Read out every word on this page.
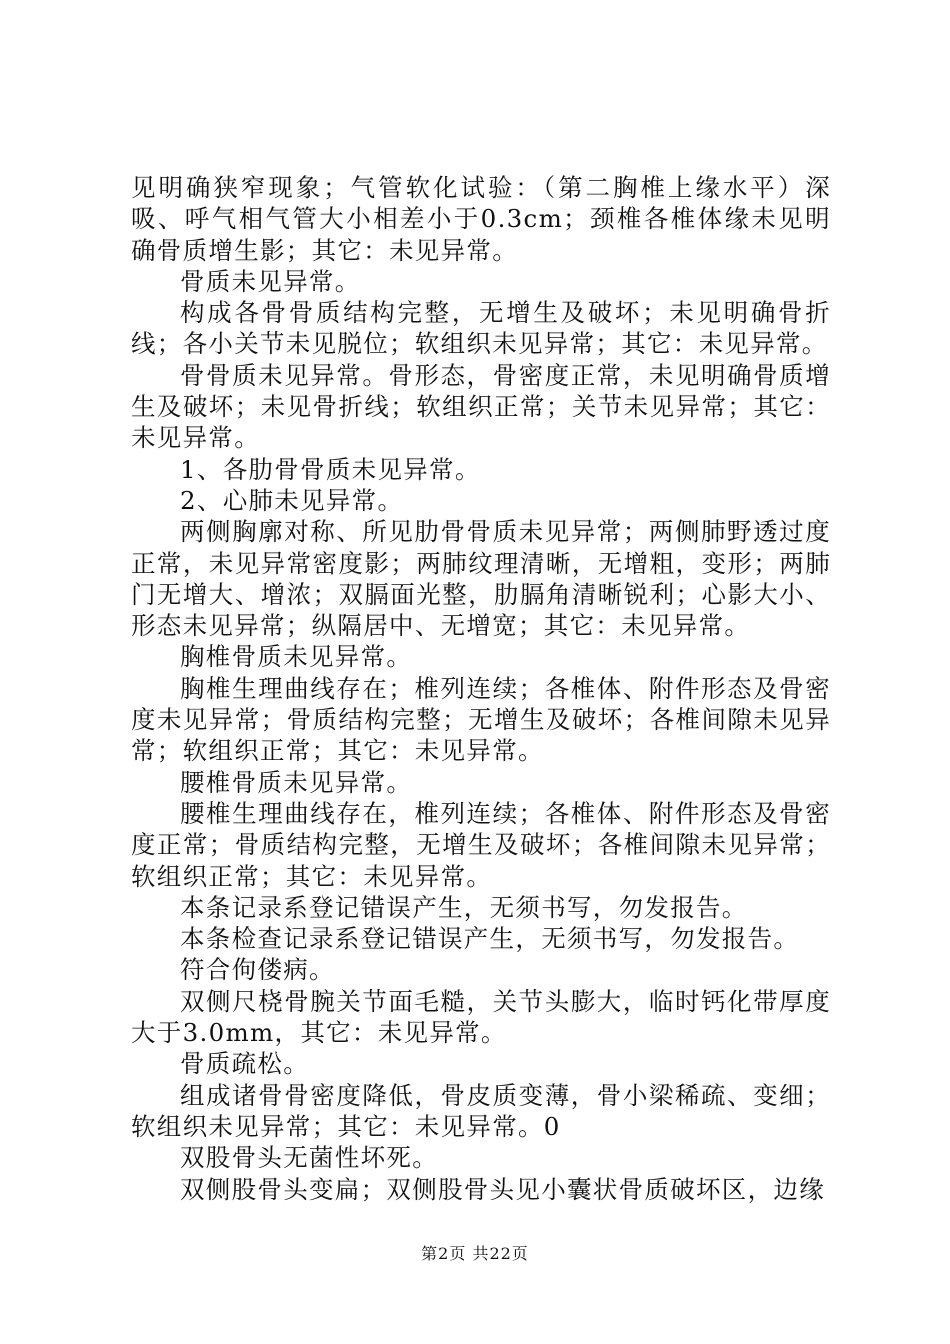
见明确狭窄现象；气管软化试验：（第二胸椎上缘水平）深吸、呼气相气管大小相差小于0.3cm；颈椎各椎体缘未见明确骨质增生影；其它：未见异常。

骨质未见异常。

构成各骨骨质结构完整，无增生及破坏；未见明确骨折线；各小关节未见脱位；软组织未见异常；其它：未见异常。

骨骨质未见异常。骨形态，骨密度正常，未见明确骨质增生及破坏；未见骨折线；软组织正常；关节未见异常；其它：未见异常。

1、各肋骨骨质未见异常。

2、心肺未见异常。

两侧胸廓对称、所见肋骨骨质未见异常；两侧肺野透过度正常，未见异常密度影；两肺纹理清晰，无增粗，变形；两肺门无增大、增浓；双膈面光整，肋膈角清晰锐利；心影大小、形态未见异常；纵隔居中、无增宽；其它：未见异常。

胸椎骨质未见异常。

胸椎生理曲线存在；椎列连续；各椎体、附件形态及骨密度未见异常；骨质结构完整；无增生及破坏；各椎间隙未见异常；软组织正常；其它：未见异常。

腰椎骨质未见异常。

腰椎生理曲线存在，椎列连续；各椎体、附件形态及骨密度正常；骨质结构完整，无增生及破坏；各椎间隙未见异常；软组织正常；其它：未见异常。

本条记录系登记错误产生，无须书写，勿发报告。

本条检查记录系登记错误产生，无须书写，勿发报告。

符合佝偻病。

双侧尺桡骨腕关节面毛糙，关节头膨大，临时钙化带厚度大于3.0mm，其它：未见异常。

骨质疏松。

组成诸骨骨密度降低，骨皮质变薄，骨小梁稀疏、变细；软组织未见异常；其它：未见异常。0

双股骨头无菌性坏死。

双侧股骨头变扁；双侧股骨头见小囊状骨质破坏区，边缘

第2页 共22页
